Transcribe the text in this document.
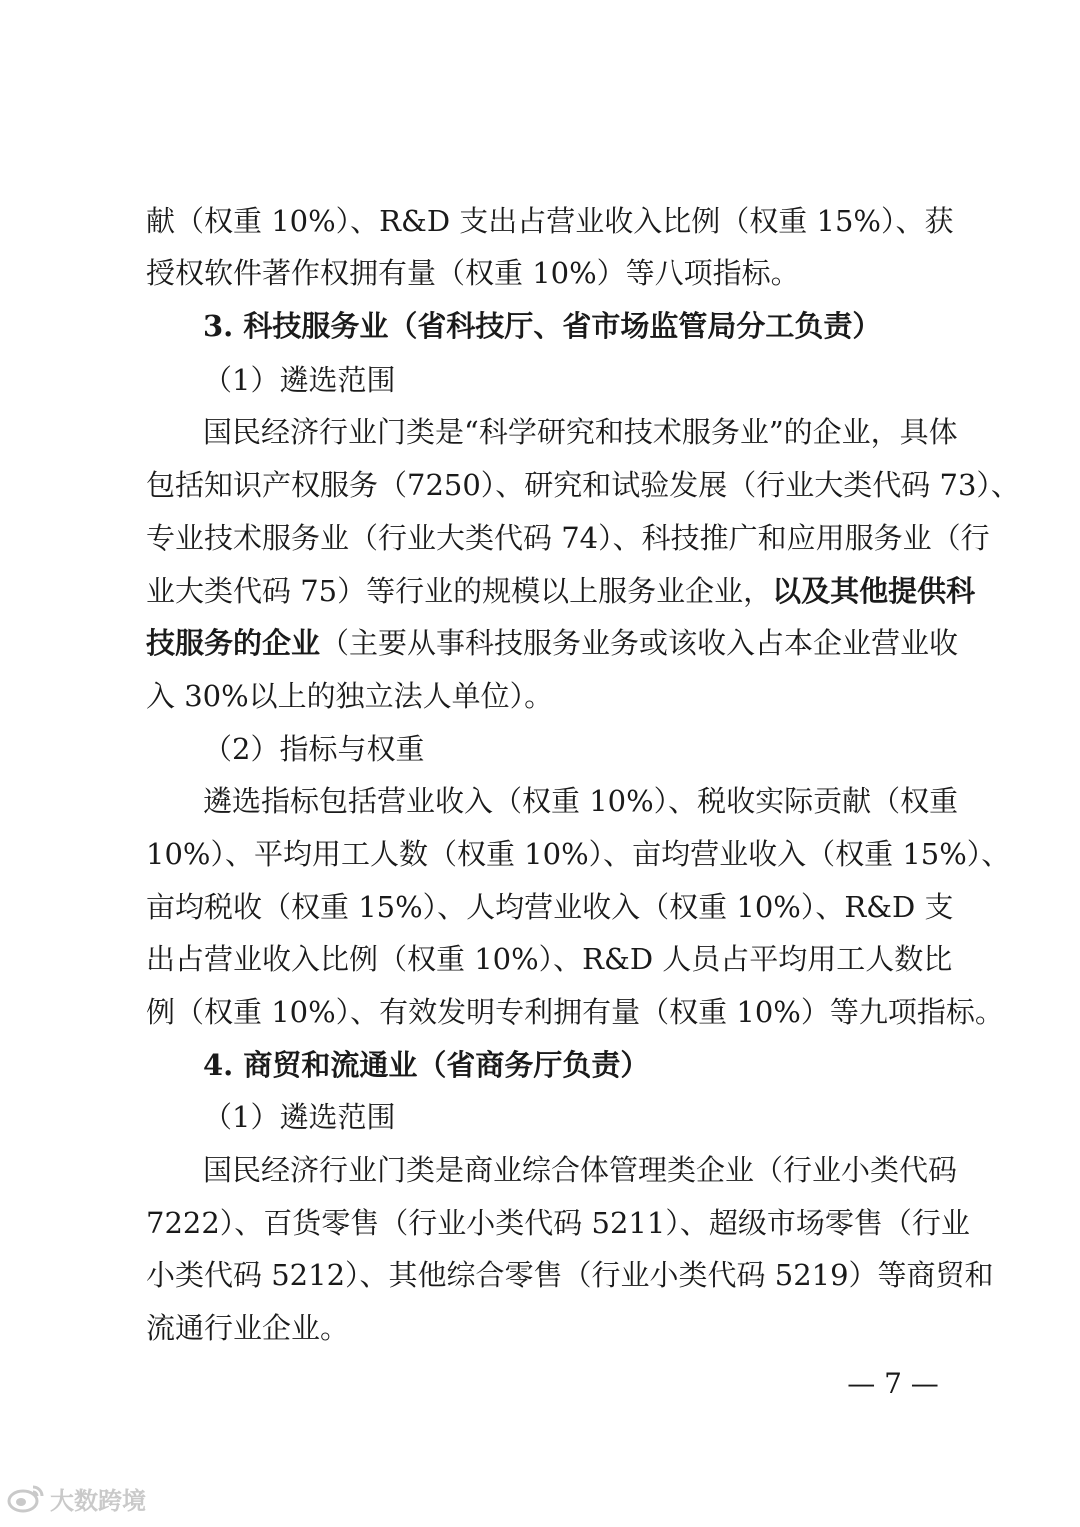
献（权重 10%）、R&D 支出占营业收入比例（权重 15%）、获
授权软件著作权拥有量（权重 10%）等八项指标。
3. 科技服务业（省科技厅、省市场监管局分工负责）
（1）遴选范围
国民经济行业门类是“科学研究和技术服务业”的企业，具体
包括知识产权服务（7250）、研究和试验发展（行业大类代码 73）、
专业技术服务业（行业大类代码 74）、科技推广和应用服务业（行
业大类代码 75）等行业的规模以上服务业企业， 以及其他提供科
技服务的企业 （主要从事科技服务业务或该收入占本企业营业收
入 30%以上的独立法人单位）。
（2）指标与权重
遴选指标包括营业收入（权重 10%）、税收实际贡献（权重
10%）、平均用工人数（权重 10%）、亩均营业收入（权重 15%）、
亩均税收（权重 15%）、人均营业收入（权重 10%）、R&D 支
出占营业收入比例（权重 10%）、R&D 人员占平均用工人数比
例（权重 10%）、有效发明专利拥有量（权重 10%）等九项指标。
4. 商贸和流通业（省商务厅负责）
（1）遴选范围
国民经济行业门类是商业综合体管理类企业（行业小类代码
7222）、百货零售（行业小类代码 5211）、超级市场零售（行业
小类代码 5212）、其他综合零售（行业小类代码 5219）等商贸和
流通行业企业。
— 7 —
大数跨境
